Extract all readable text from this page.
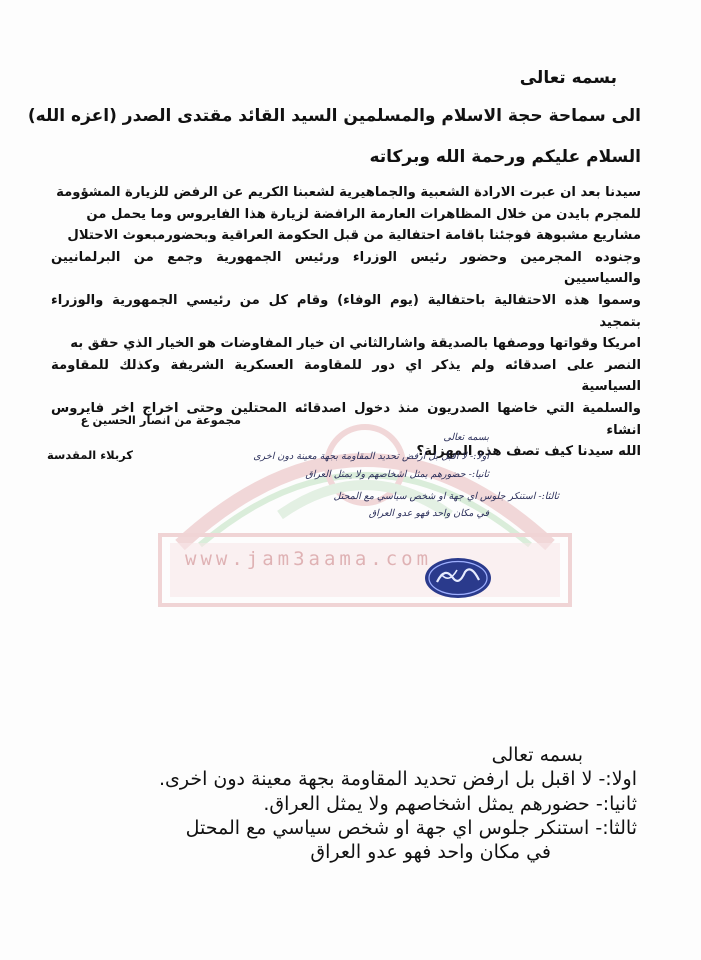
www.jam3aama.com
بسمه تعالى
الى سماحة حجة الاسلام والمسلمين السيد القائد مقتدى الصدر (اعزه الله)
السلام عليكم ورحمة الله وبركاته

سيدنا بعد ان عبرت الارادة الشعبية والجماهيرية لشعبنا الكريم عن الرفض للزيارة المشؤومة

للمجرم بايدن من خلال المظاهرات العارمة الرافضة لزيارة هذا الفايروس وما يحمل من

مشاريع مشبوهة فوجئنا باقامة احتفالية من قبل الحكومة العراقية وبحضورمبعوث الاحتلال

وجنوده المجرمين وحضور رئيس الوزراء ورئيس الجمهورية وجمع من البرلمانيين والسياسيين

وسموا هذه الاحتفالية باحتفالية (يوم الوفاء) وقام كل من رئيسي الجمهورية والوزراء بتمجيد

امريكا وقواتها ووصفها بالصديقة واشارالثاني ان خيار المفاوضات هو الخيار الذي حقق به

النصر على اصدقائه ولم يذكر اي دور للمقاومة العسكرية الشريفة وكذلك للمقاومة السياسية

والسلمية التي خاضها الصدريون منذ دخول اصدقائه المحتلين وحتى اخراج اخر فايروس انشاء

الله سيدنا كيف تصف هذه المهزلة؟

مجموعة من انصار الحسين ع
كربلاء المقدسة
بسمه تعالى
اولا:- لا اقبل بل ارفض تحديد المقاومة بجهة معينة دون اخرى
ثانيا:- حضورهم يمثل اشخاصهم ولا يمثل العراق
ثالثا:- استنكر جلوس اي جهة او شخص سياسي مع المحتل
في مكان واحد فهو عدو العراق
بسمه تعالى
اولا:- لا اقبل بل ارفض تحديد المقاومة بجهة معينة دون اخرى.
ثانيا:- حضورهم يمثل اشخاصهم ولا يمثل العراق.
ثالثا:- استنكر جلوس اي جهة او شخص سياسي مع المحتل
في مكان واحد فهو عدو العراق
